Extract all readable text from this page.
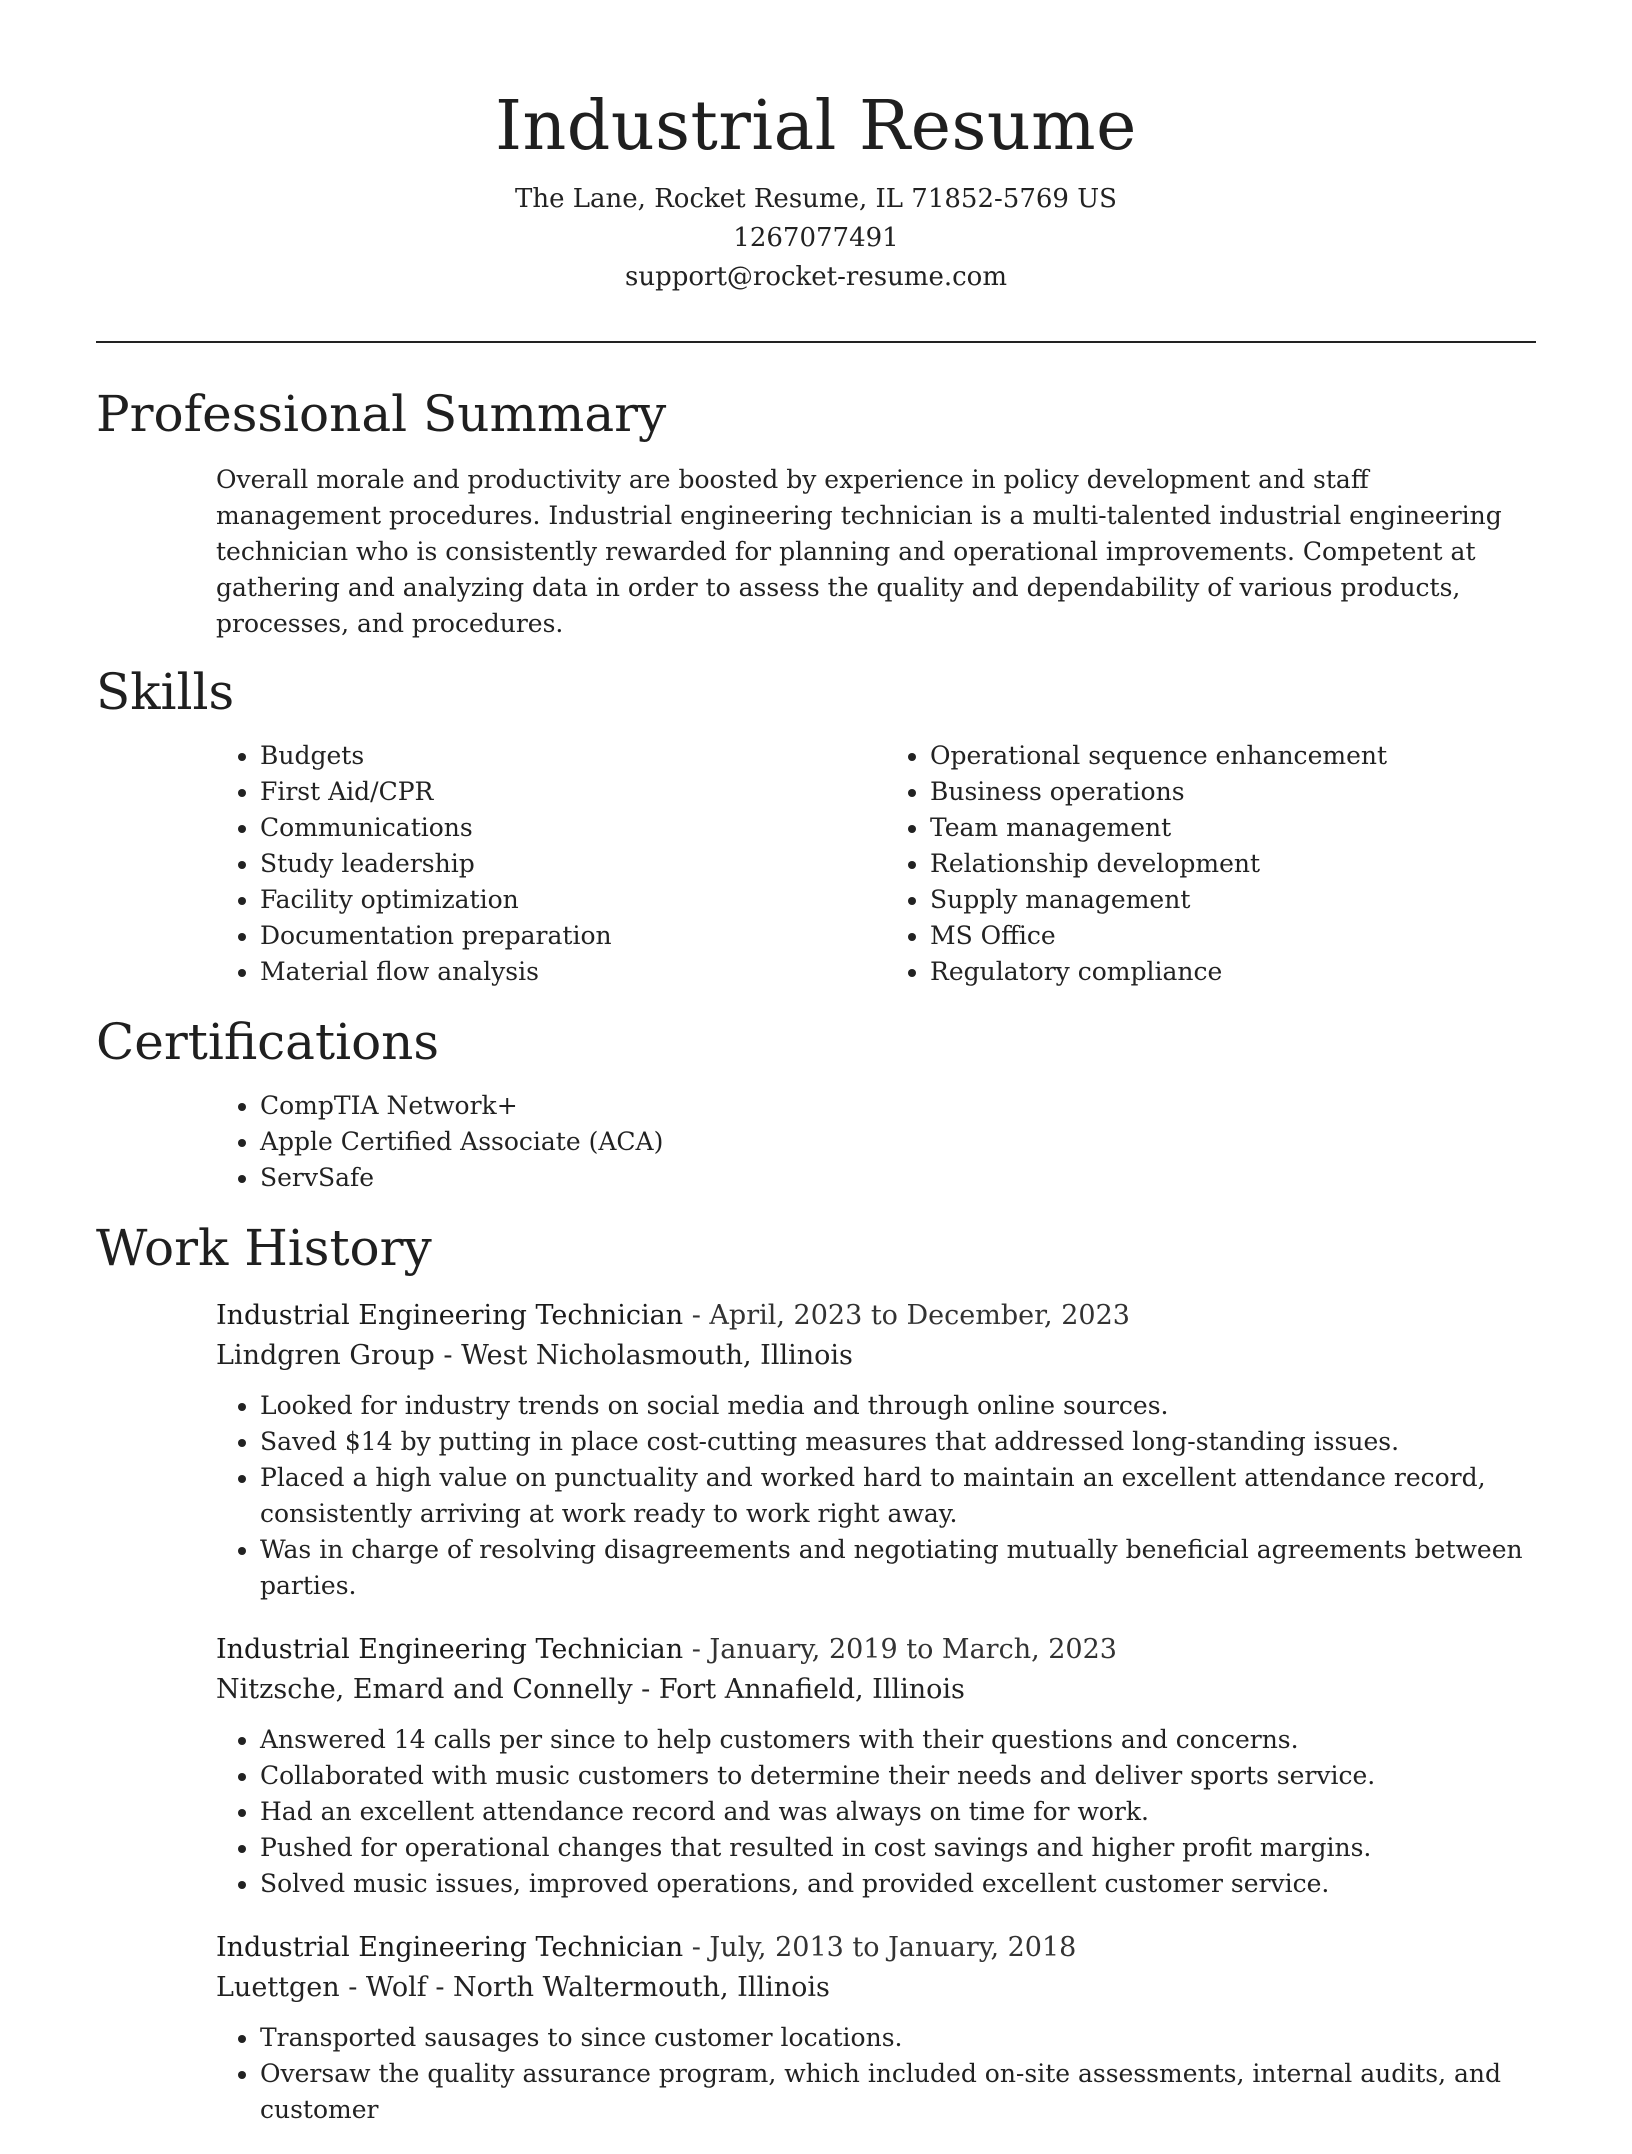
Industrial Resume
The Lane, Rocket Resume, IL 71852-5769 US
1267077491
support@rocket-resume.com
Professional Summary

Overall morale and productivity are boosted by experience in policy development and staff management procedures. Industrial engineering technician is a multi-talented industrial engineering technician who is consistently rewarded for planning and operational improvements. Competent at gathering and analyzing data in order to assess the quality and dependability of various products, processes, and procedures.

Skills
• Budgets
• First Aid/CPR
• Communications
• Study leadership
• Facility optimization
• Documentation preparation
• Material flow analysis
• Operational sequence enhancement
• Business operations
• Team management
• Relationship development
• Supply management
• MS Office
• Regulatory compliance
Certifications
• CompTIA Network+
• Apple Certified Associate (ACA)
• ServSafe
Work History
Industrial Engineering Technician - April, 2023 to December, 2023
Lindgren Group - West Nicholasmouth, Illinois
• Looked for industry trends on social media and through online sources.
• Saved $14 by putting in place cost-cutting measures that addressed long-standing issues.
• Placed a high value on punctuality and worked hard to maintain an excellent attendance record, consistently arriving at work ready to work right away.
• Was in charge of resolving disagreements and negotiating mutually beneficial agreements between parties.
Industrial Engineering Technician - January, 2019 to March, 2023
Nitzsche, Emard and Connelly - Fort Annafield, Illinois
• Answered 14 calls per since to help customers with their questions and concerns.
• Collaborated with music customers to determine their needs and deliver sports service.
• Had an excellent attendance record and was always on time for work.
• Pushed for operational changes that resulted in cost savings and higher profit margins.
• Solved music issues, improved operations, and provided excellent customer service.
Industrial Engineering Technician - July, 2013 to January, 2018
Luettgen - Wolf - North Waltermouth, Illinois
• Transported sausages to since customer locations.
• Oversaw the quality assurance program, which included on-site assessments, internal audits, and customer
